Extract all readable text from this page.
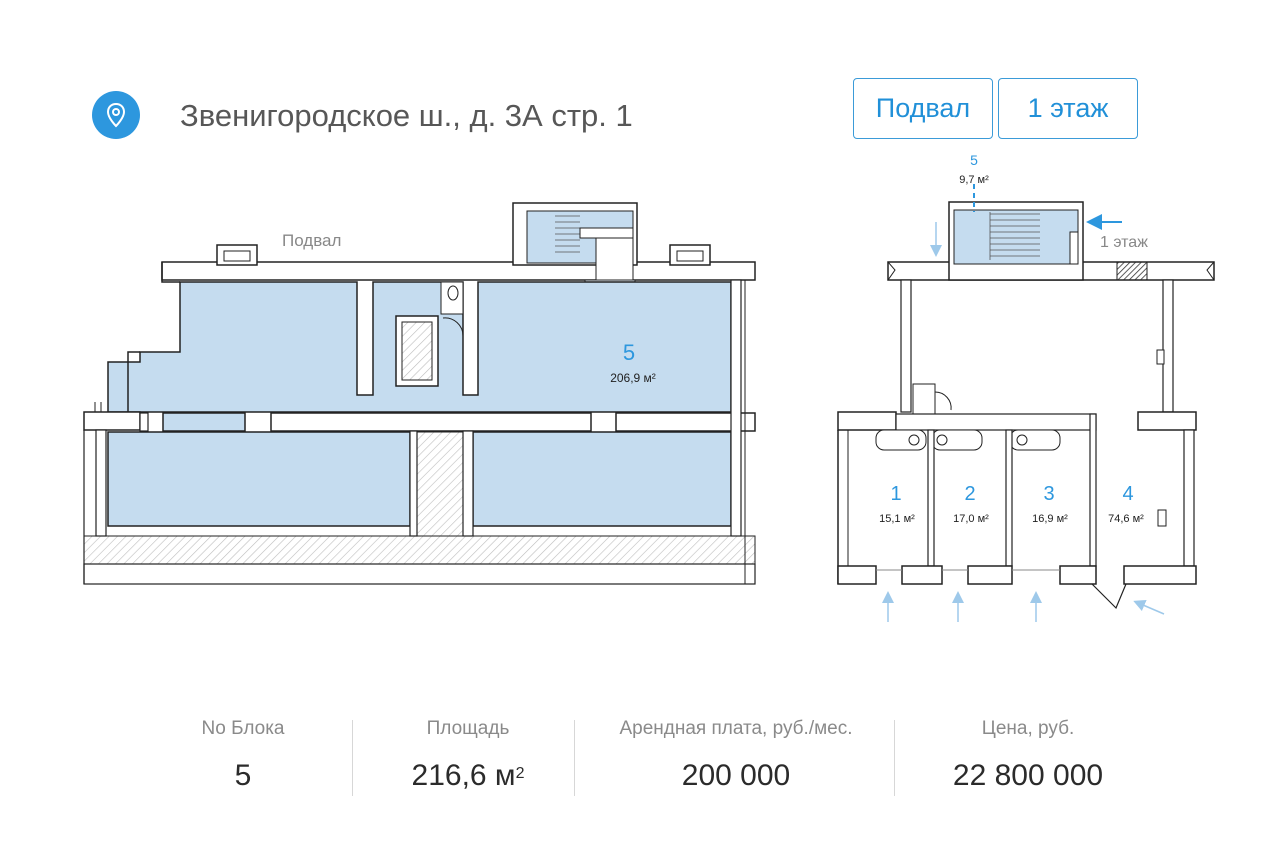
Звенигородское ш., д. 3А стр. 1	Подвал	1 этаж
Подвал
5
206,9 м²
1 этаж
5
9,7 м²
1
15,1 м²
2
17,0 м²
3
16,9 м²
4
74,6 м²
No Блока
5
Площадь
216,6 $м^2$
Арендная плата, руб./мес.
200 000
Цена, руб.
22 800 000
